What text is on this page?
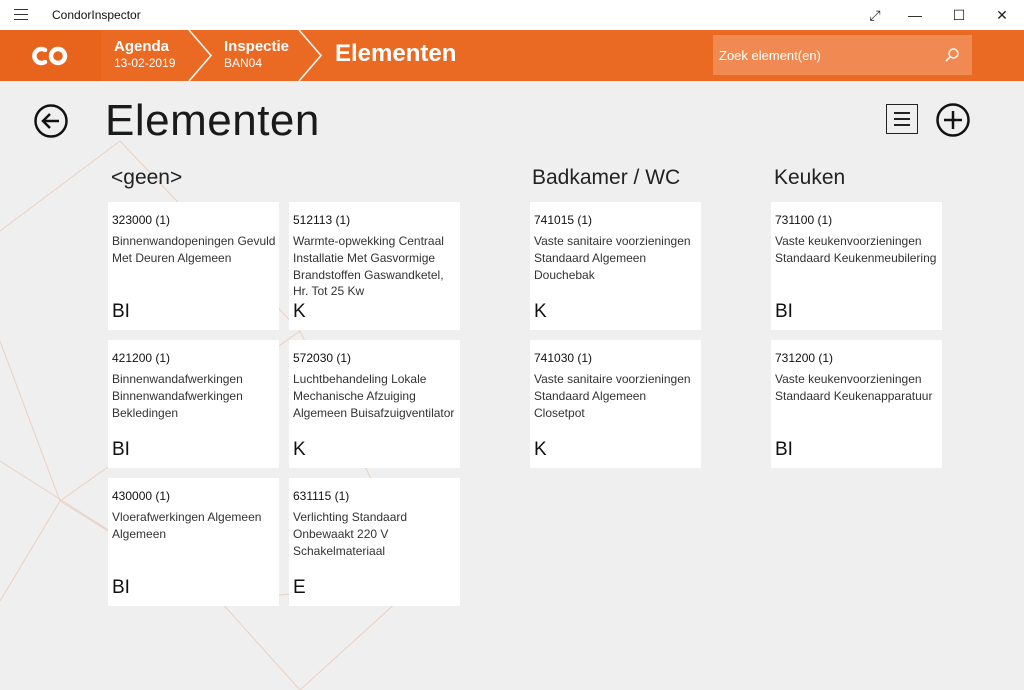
CondorInspector	⤢	—	☐	✕
Agenda
13-02-2019
Inspectie
BAN04	Elementen
Zoek element(en)
Elementen
<geen>
323000 (1)
Binnenwandopeningen Gevuld Met Deuren Algemeen
BI
512113 (1)
Warmte-opwekking Centraal Installatie Met Gasvormige Brandstoffen Gaswandketel, Hr. Tot 25 Kw
K
421200 (1)
Binnenwandafwerkingen Binnenwandafwerkingen Bekledingen
BI
572030 (1)
Luchtbehandeling Lokale Mechanische Afzuiging Algemeen Buisafzuigventilator
K
430000 (1)
Vloerafwerkingen Algemeen Algemeen
BI
631115 (1)
Verlichting Standaard Onbewaakt 220 V Schakelmateriaal
E
Badkamer / WC
741015 (1)
Vaste sanitaire voorzieningen Standaard Algemeen Douchebak
K
741030 (1)
Vaste sanitaire voorzieningen Standaard Algemeen Closetpot
K
Keuken
731100 (1)
Vaste keukenvoorzieningen Standaard Keukenmeubilering
BI
731200 (1)
Vaste keukenvoorzieningen Standaard Keukenapparatuur
BI
